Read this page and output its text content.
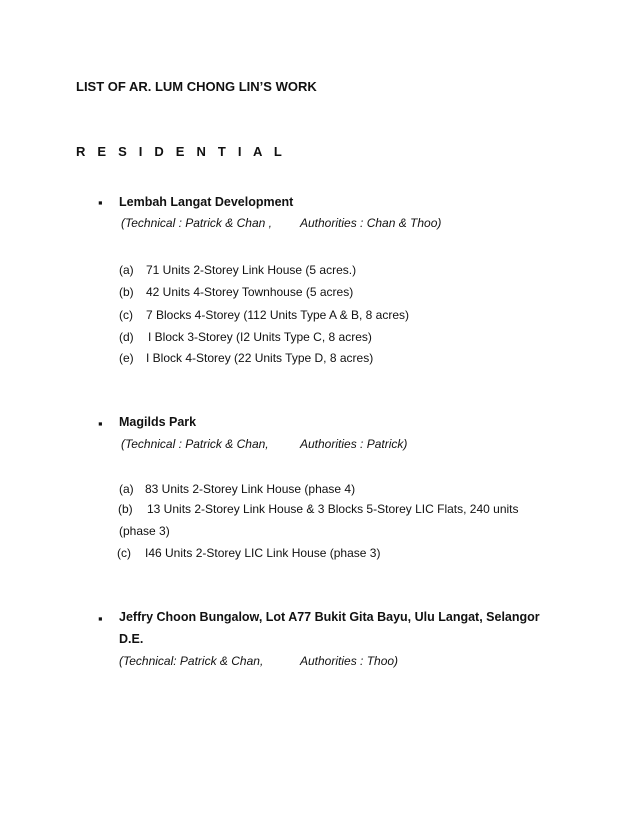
LIST OF AR. LUM CHONG LIN’S WORK
R E S I D E N T I A L
▪ Lembah Langat Development
(Technical : Patrick & Chan , Authorities : Chan & Thoo)
(a) 71 Units 2-Storey Link House (5 acres.)
(b) 42 Units 4-Storey Townhouse (5 acres)
(c) 7 Blocks 4-Storey (112 Units Type A & B, 8 acres)
(d) I Block 3-Storey (I2 Units Type C, 8 acres)
(e) I Block 4-Storey (22 Units Type D, 8 acres)
▪ Magilds Park
(Technical : Patrick & Chan,	Authorities : Patrick)
(a) 83 Units 2-Storey Link House (phase 4)
(b) 13 Units 2-Storey Link House & 3 Blocks 5-Storey LIC Flats, 240 units
(phase 3)
(c) I46 Units 2-Storey LIC Link House (phase 3)
▪ Jeffry Choon Bungalow, Lot A77 Bukit Gita Bayu, Ulu Langat, Selangor
D.E.
(Technical: Patrick & Chan,	Authorities : Thoo)
